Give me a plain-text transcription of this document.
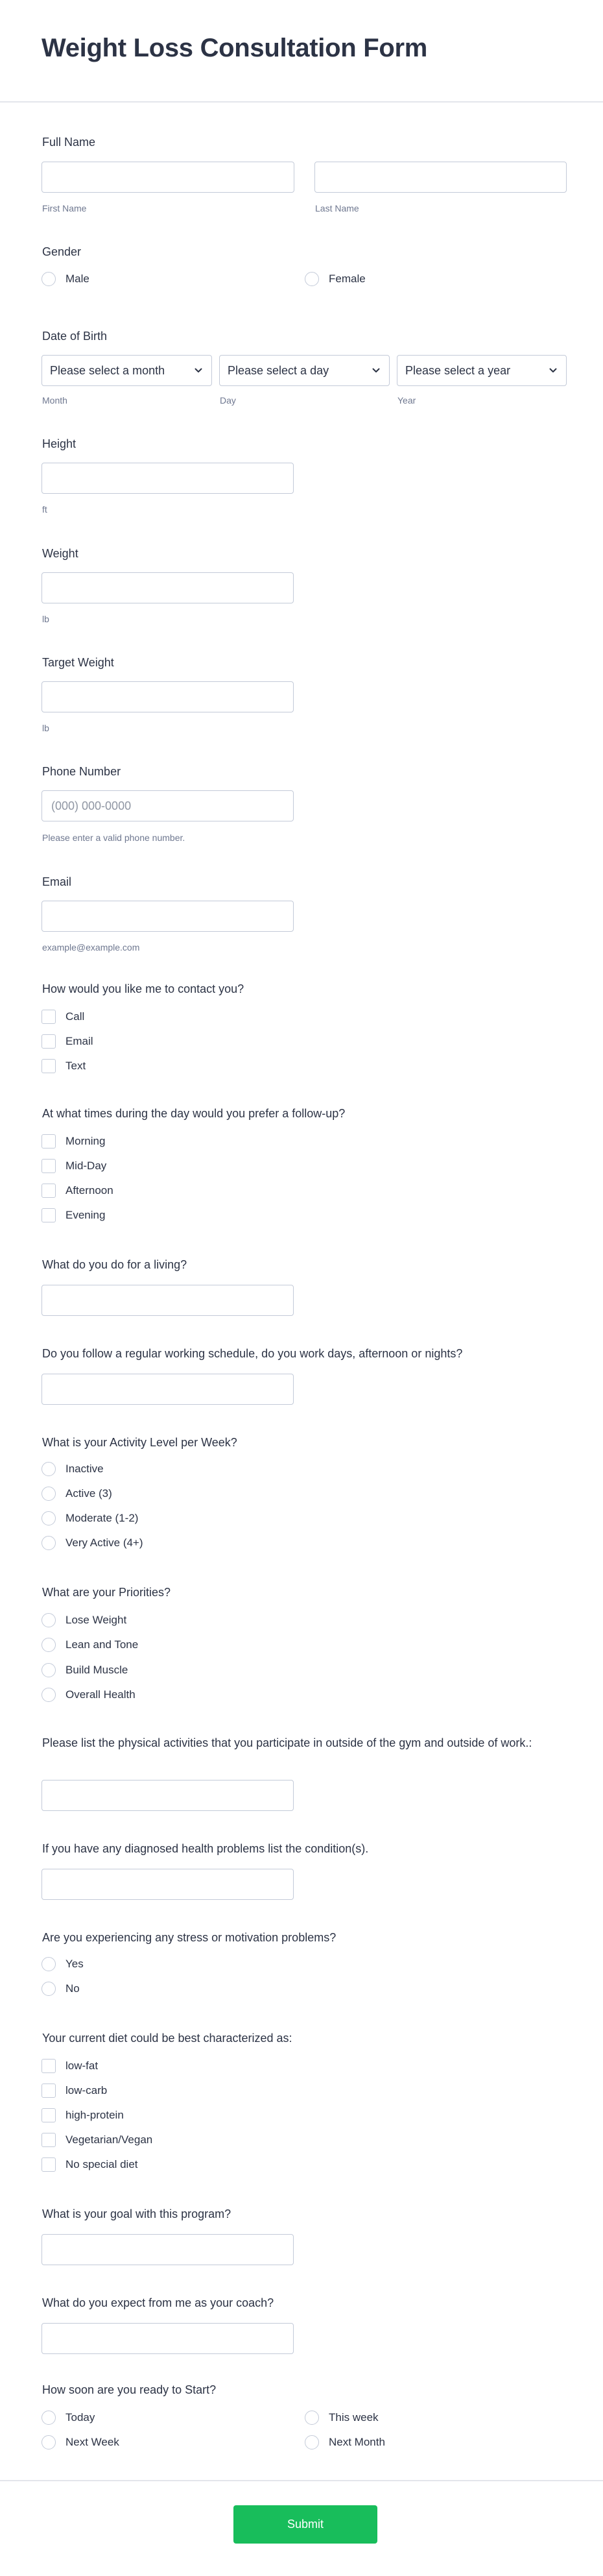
Weight Loss Consultation Form
Full Name
First Name	Last Name
Gender
Male	Female
Date of Birth
Please select a month
Month
Please select a day
Day
Please select a year
Year
Height
ft
Weight
lb
Target Weight
lb
Phone Number
(000) 000-0000
Please enter a valid phone number.
Email
example@example.com
How would you like me to contact you?
Call
Email
Text
At what times during the day would you prefer a follow-up?
Morning
Mid-Day
Afternoon
Evening
What do you do for a living?
Do you follow a regular working schedule, do you work days, afternoon or nights?
What is your Activity Level per Week?
Inactive
Active (3)
Moderate (1-2)
Very Active (4+)
What are your Priorities?
Lose Weight
Lean and Tone
Build Muscle
Overall Health
Please list the physical activities that you participate in outside of the gym and outside of work.:
If you have any diagnosed health problems list the condition(s).
Are you experiencing any stress or motivation problems?
Yes
No
Your current diet could be best characterized as:
low-fat
low-carb
high-protein
Vegetarian/Vegan
No special diet
What is your goal with this program?
What do you expect from me as your coach?
How soon are you ready to Start?
Today	This week
Next Week	Next Month
Submit
